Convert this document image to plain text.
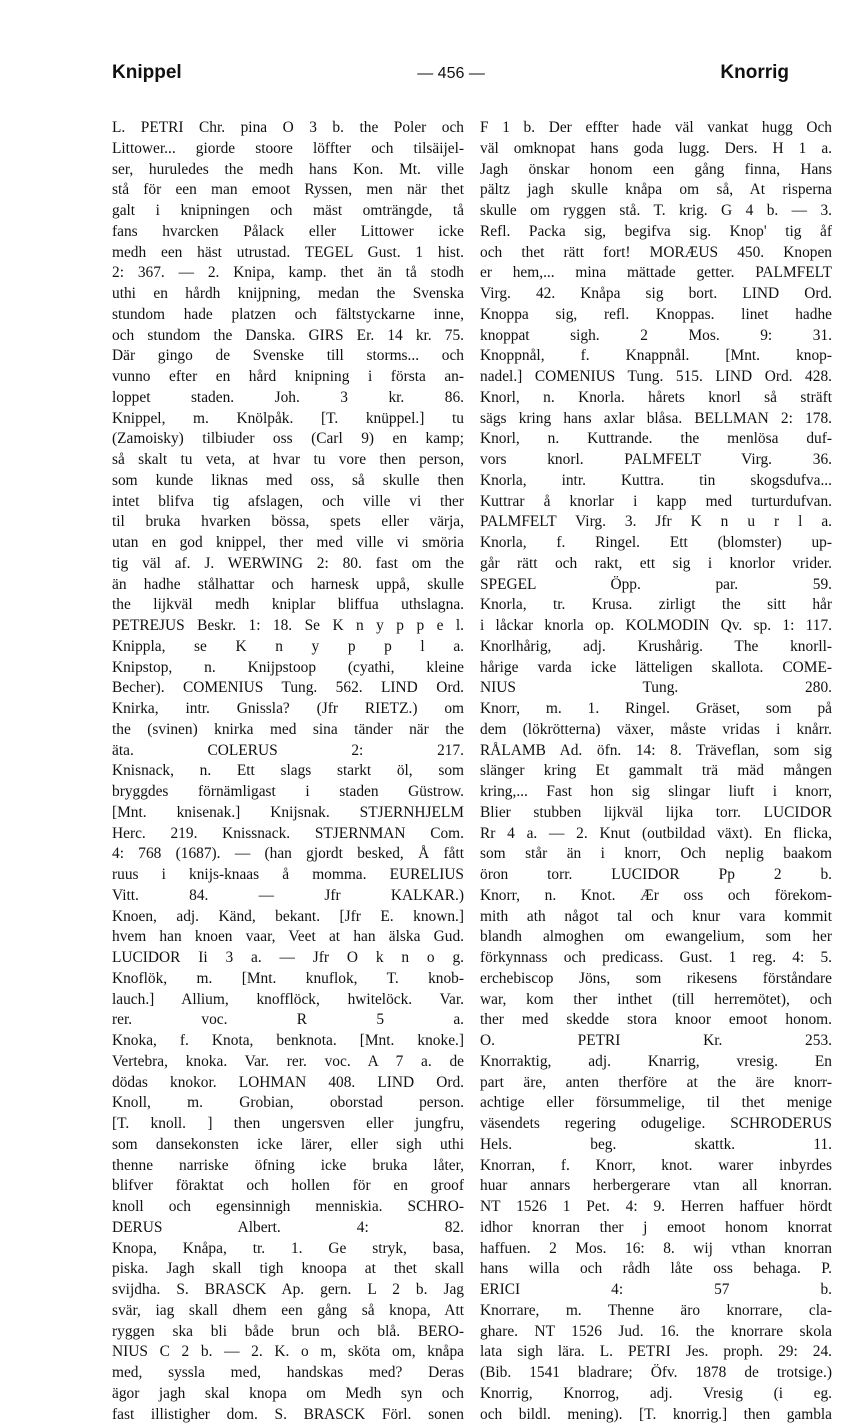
Knippel	— 456 —	Knorrig
L. PETRI Chr. pina O 3 b. the Poler och
Littower... giorde stoore löffter och tilsäijel-
ser, huruledes the medh hans Kon. Mt. ville
stå för een man emoot Ryssen, men när thet
galt i knipningen och mäst omträngde, tå
fans hvarcken Pålack eller Littower icke
medh een häst utrustad. TEGEL Gust. 1 hist.
2: 367. — 2. Knipa, kamp. thet än tå stodh
uthi en hårdh knijpning, medan the Svenska
stundom hade platzen och fältstyckarne inne,
och stundom the Danska. GIRS Er. 14 kr. 75.
Där gingo de Svenske till storms... och
vunno efter en hård knipning i första an-
loppet staden. Joh. 3 kr. 86.
Knippel, m. Knölpåk. [T. knüppel.] tu
(Zamoisky) tilbiuder oss (Carl 9) en kamp;
så skalt tu veta, at hvar tu vore then person,
som kunde liknas med oss, så skulle then
intet blifva tig afslagen, och ville vi ther
til bruka hvarken bössa, spets eller värja,
utan en god knippel, ther med ville vi smöria
tig väl af. J. WERWING 2: 80. fast om the
än hadhe stålhattar och harnesk uppå, skulle
the lijkväl medh kniplar bliffua uthslagna.
PETREJUS Beskr. 1: 18. Se K n y p p e l.
Knippla, se K n y p p l a.
Knipstop, n. Knijpstoop (cyathi, kleine
Becher). COMENIUS Tung. 562. LIND Ord.
Knirka, intr. Gnissla? (Jfr RIETZ.) om
the (svinen) knirka med sina tänder när the
äta. COLERUS 2: 217.
Knisnack, n. Ett slags starkt öl, som
bryggdes förnämligast i staden Güstrow.
[Mnt. knisenak.] Knijsnak. STJERNHJELM
Herc. 219. Knissnack. STJERNMAN Com.
4: 768 (1687). — (han gjordt besked, Å fått
ruus i knijs-knaas å momma. EURELIUS
Vitt. 84. — Jfr KALKAR.)
Knoen, adj. Känd, bekant. [Jfr E. known.]
hvem han knoen vaar, Veet at han älska Gud.
LUCIDOR Ii 3 a. — Jfr O k n o g.
Knoflök, m. [Mnt. knuflok, T. knob-
lauch.] Allium, knofflöck, hwitelöck. Var.
rer. voc. R 5 a.
Knoka, f. Knota, benknota. [Mnt. knoke.]
Vertebra, knoka. Var. rer. voc. A 7 a. de
dödas knokor. LOHMAN 408. LIND Ord.
Knoll, m. Grobian, oborstad person.
[T. knoll. ] then ungersven eller jungfru,
som dansekonsten icke lärer, eller sigh uthi
thenne narriske öfning icke bruka låter,
blifver föraktat och hollen för en groof
knoll och egensinnigh menniskia. SCHRO-
DERUS Albert. 4: 82.
Knopa, Knåpa, tr. 1. Ge stryk, basa,
piska. Jagh skall tigh knoopa at thet skall
svijdha. S. BRASCK Ap. gern. L 2 b. Jag
svär, iag skall dhem een gång så knopa, Att
ryggen ska bli både brun och blå. BERO-
NIUS C 2 b. — 2. K. o m, sköta om, knåpa
med, syssla med, handskas med? Deras
ägor jagh skal knopa om Medh syn och
fast illistigher dom. S. BRASCK Förl. sonen
F 1 b. Der effter hade väl vankat hugg Och
väl omknopat hans goda lugg. Ders. H 1 a.
Jagh önskar honom een gång finna, Hans
pältz jagh skulle knåpa om så, At risperna
skulle om ryggen stå. T. krig. G 4 b. — 3.
Refl. Packa sig, begifva sig. Knop' tig åf
och thet rätt fort! MORÆUS 450. Knopen
er hem,... mina mättade getter. PALMFELT
Virg. 42. Knåpa sig bort. LIND Ord.
Knoppa sig, refl. Knoppas. linet hadhe
knoppat sigh. 2 Mos. 9: 31.
Knoppnål, f. Knappnål. [Mnt. knop-
nadel.] COMENIUS Tung. 515. LIND Ord. 428.
Knorl, n. Knorla. hårets knorl så sträft
sägs kring hans axlar blåsa. BELLMAN 2: 178.
Knorl, n. Kuttrande. the menlösa duf-
vors knorl. PALMFELT Virg. 36.
Knorla, intr. Kuttra. tin skogsdufva...
Kuttrar å knorlar i kapp med turturdufvan.
PALMFELT Virg. 3. Jfr K n u r l a.
Knorla, f. Ringel. Ett (blomster) up-
går rätt och rakt, ett sig i knorlor vrider.
SPEGEL Öpp. par. 59.
Knorla, tr. Krusa. zirligt the sitt hår
i låckar knorla op. KOLMODIN Qv. sp. 1: 117.
Knorlhårig, adj. Krushårig. The knorll-
hårige varda icke lätteligen skallota. COME-
NIUS Tung. 280.
Knorr, m. 1. Ringel. Gräset, som på
dem (lökrötterna) växer, måste vridas i knårr.
RÅLAMB Ad. öfn. 14: 8. Träveflan, som sig
slänger kring Et gammalt trä mäd mången
kring,... Fast hon sig slingar liuft i knorr,
Blier stubben lijkväl lijka torr. LUCIDOR
Rr 4 a. — 2. Knut (outbildad växt). En flicka,
som står än i knorr, Och neplig baakom
öron torr. LUCIDOR Pp 2 b.
Knorr, n. Knot. Ær oss och förekom-
mith ath något tal och knur vara kommit
blandh almoghen om ewangelium, som her
förkynnass och predicass. Gust. 1 reg. 4: 5.
erchebiscop Jöns, som rikesens förståndare
war, kom ther inthet (till herremötet), och
ther med skedde stora knoor emoot honom.
O. PETRI Kr. 253.
Knorraktig, adj. Knarrig, vresig. En
part äre, anten therföre at the äre knorr-
achtige eller försummelige, til thet menige
väsendets regering odugelige. SCHRODERUS
Hels. beg. skattk. 11.
Knorran, f. Knorr, knot. warer inbyrdes
huar annars herbergerare vtan all knorran.
NT 1526 1 Pet. 4: 9. Herren haffuer hördt
idhor knorran ther j emoot honom knorrat
haffuen. 2 Mos. 16: 8. wij vthan knorran
hans willa och rådh låte oss behaga. P.
ERICI 4: 57 b.
Knorrare, m. Thenne äro knorrare, cla-
ghare. NT 1526 Jud. 16. the knorrare skola
lata sigh lära. L. PETRI Jes. proph. 29: 24.
(Bib. 1541 bladrare; Öfv. 1878 de trotsige.)
Knorrig, Knorrog, adj. Vresig (i eg.
och bildl. mening). [T. knorrig.] then gambla
